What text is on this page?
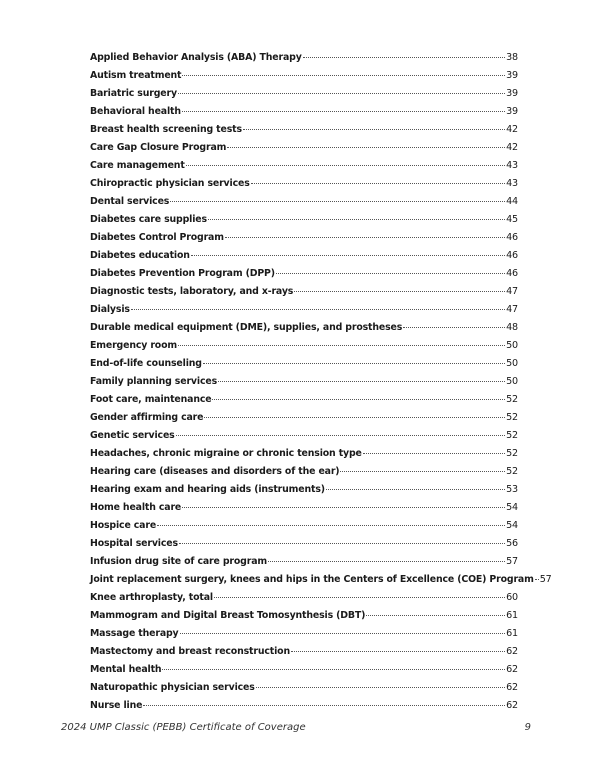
Applied Behavior Analysis (ABA) Therapy	38
Autism treatment	39
Bariatric surgery	39
Behavioral health	39
Breast health screening tests	42
Care Gap Closure Program	42
Care management	43
Chiropractic physician services	43
Dental services	44
Diabetes care supplies	45
Diabetes Control Program	46
Diabetes education	46
Diabetes Prevention Program (DPP)	46
Diagnostic tests, laboratory, and x-rays	47
Dialysis	47
Durable medical equipment (DME), supplies, and prostheses	48
Emergency room	50
End-of-life counseling	50
Family planning services	50
Foot care, maintenance	52
Gender affirming care	52
Genetic services	52
Headaches, chronic migraine or chronic tension type	52
Hearing care (diseases and disorders of the ear)	52
Hearing exam and hearing aids (instruments)	53
Home health care	54
Hospice care	54
Hospital services	56
Infusion drug site of care program	57
Joint replacement surgery, knees and hips in the Centers of Excellence (COE) Program 57
Knee arthroplasty, total	60
Mammogram and Digital Breast Tomosynthesis (DBT)	61
Massage therapy	61
Mastectomy and breast reconstruction	62
Mental health	62
Naturopathic physician services	62
Nurse line	62
2024 UMP Classic (PEBB) Certificate of Coverage	9
